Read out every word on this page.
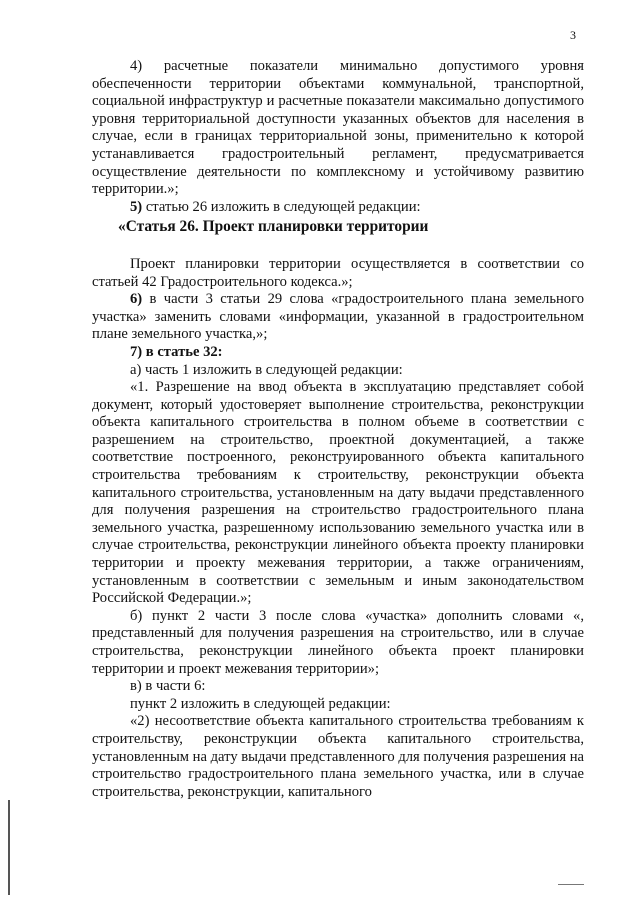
3

4) расчетные показатели минимально допустимого уровня обеспеченности территории объектами коммунальной, транспортной, социальной инфраструктур и расчетные показатели максимально допустимого уровня территориальной доступности указанных объектов для населения в случае, если в границах территориальной зоны, применительно к которой устанавливается градостроительный регламент, предусматривается осуществление деятельности по комплексному и устойчивому развитию территории.»;

5) статью 26 изложить в следующей редакции:

«Статья 26. Проект планировки территории

Проект планировки территории осуществляется в соответствии со статьей 42 Градостроительного кодекса.»;

6) в части 3 статьи 29 слова «градостроительного плана земельного участка» заменить словами «информации, указанной в градостроительном плане земельного участка,»;

7) в статье 32:

а) часть 1 изложить в следующей редакции:

«1. Разрешение на ввод объекта в эксплуатацию представляет собой документ, который удостоверяет выполнение строительства, реконструкции объекта капитального строительства в полном объеме в соответствии с разрешением на строительство, проектной документацией, а также соответствие построенного, реконструированного объекта капитального строительства требованиям к строительству, реконструкции объекта капитального строительства, установленным на дату выдачи представленного для получения разрешения на строительство градостроительного плана земельного участка, разрешенному использованию земельного участка или в случае строительства, реконструкции линейного объекта проекту планировки территории и проекту межевания территории, а также ограничениям, установленным в соответствии с земельным и иным законодательством Российской Федерации.»;

б) пункт 2 части 3 после слова «участка» дополнить словами «, представленный для получения разрешения на строительство, или в случае строительства, реконструкции линейного объекта проект планировки территории и проект межевания территории»;

в) в части 6:

пункт 2 изложить в следующей редакции:

«2) несоответствие объекта капитального строительства требованиям к строительству, реконструкции объекта капитального строительства, установленным на дату выдачи представленного для получения разрешения на строительство градостроительного плана земельного участка, или в случае строительства, реконструкции, капитального
